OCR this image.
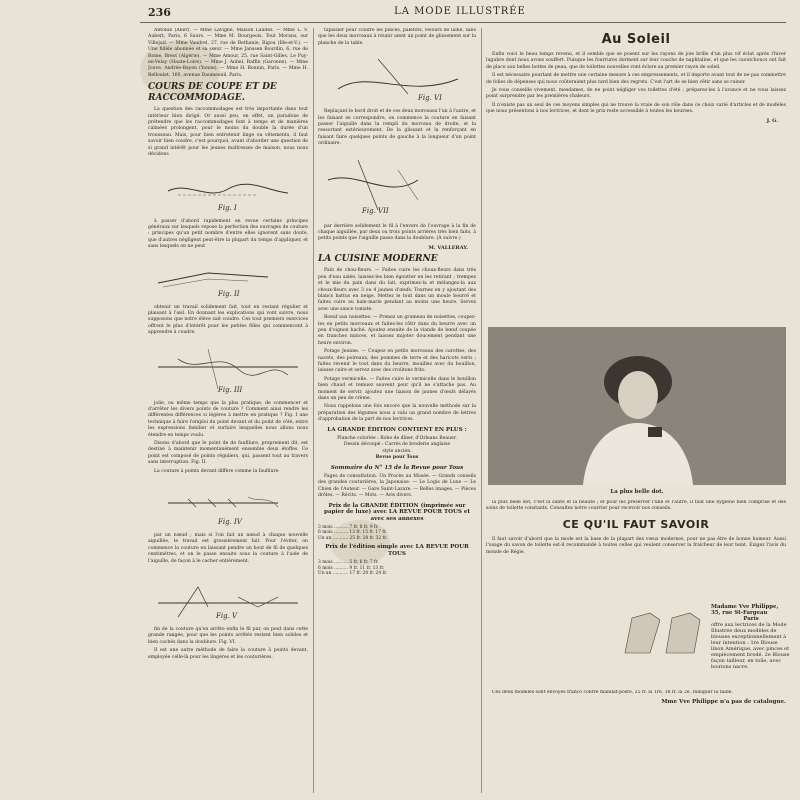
236	LA MODE ILLUSTRÉE

Antonin (Alier). — Mme Lavigne, Maison Laudes. — Mme L. V. Aubert, Paris, 6 Saurs. — Mme M. Bourgeois, Tout Morans, sur Villejuif. — Mme Vaudrel, 27, rue de Bethanie, Rigou (Ille-et-V.). — Une fidèle abonnée et sa sœur. — Mme Janssen Bourdin, 6, rue de Rome, Brest (Algérie). — Mme Amour, 25, rue Saint-Gilles. Le Puy-en-Velay (Haute-Loire). — Mme J. Anhel, Raffin (Garonne). — Mme Jouve, Andrée-Bayen (Yonne). — Mme H. Bonnin, Paris. — Mme H. Belloulet, 160, avenue Daumesnil, Paris.

COURS DE COUPE ET DE RACCOMMODAGE.

La question des raccommodages est très importante dans tout intérieur bien dirigé. Or aussi peu, en effet, un paradoxe de prétendre que les raccommodages font à temps et de manières calmées prolongent, pour le moins du double la durée d'un trousseau. Mais, pour bien entretenir linge ou vêtements, il faut savoir bien coudre, c'est pourquoi, avant d'aborder une question de si grand intérêt pour les jeunes maîtresses de maison, nous nous décidons

Fig. I

à passer d'abord rapidement en revue certains principes généraux sur lesquels repose la perfection des ouvrages de couture : principes qu'un petit nombre d'entre elles ignorent sans doute, que d'autres négligent peut-être la plupart du temps d'appliquer, et sans lesquels on ne peut

Fig. II

obtenir un travail solidement fait, tout en restant régulier et plaisant à l'œil. En donnant les explications qui vont suivre, nous supposons que notre élève sait coudre. Ces tout premiers exercices offrent le plus d'intérêt pour les petites filles qui commencent à apprendre à coudre.

Fig. III

jolie, ou même temps que la plus pratique, de commencer et d'arrêter les divers points de couture ? Comment ainsi rendre les différentes différences si légères à mettre en pratique ? Fig. I une technique à faire l'emploi du point devant et du point de côté, entre les expressions familier et surfaire lesquelles nous allons nous étendre en temps voulu.

Disons d'abord que le point de de faufilure, proprement dit, est destiné à maintenir momentanément ensemble deux étoffes. Ce point est composé de points réguliers, qui, passent tout au travers sans interruption. Fig. II.

La couture à points devant diffère comme la faufilure

Fig. IV

par un nœud ; mais si l'on fait un nœud à chaque nouvelle aiguillée, le travail est grossièrement fait. Pour l'éviter, on commence la couture en laissant pendre un bout de fil de quelques centimètres, et on le passe ensuite sous la couture à l'aide de l'aiguille, de façon à le cacher entièrement.

Fig. V

fin de la couture qu'en arrête enfin le fil par, on peut dans cette grande rangée, pour que les points arrêtés restent bien solides et bien cachés dans la doublure. Fig. VI.

Il est une autre méthode de faire la couture à points devant, employée celle-là pour les lingères et les couturières.

tapissier pour coudre les pinces, paletots, velours de laine, sans que les deux morceaux à réunir aient un point de glissement sur la planche de la table.

Fig. VI

Replaçant le bord droit et de ces deux morceaux l'un à l'autre, et les faisant se correspondre, on commence la couture en faisant passer l'aiguille dans la rempli du morceau de droite, et la ressortant extérieurement. De la glissant et la renforçant en faisant faire quelques points de gauche à la longueur d'un point ordinaire.

Fig. VII

par derrière solidement le fil à l'envers de l'ouvrage à la fin de chaque aiguillée, par deux ou trois points arrières très bien faits, à petits points que l'aiguille passe dans la doublure. (À suivre.)

M. VALLERAY.
LA CUISINE MODERNE

Pain de chou-fleurs. — Faites cuire les choux-fleurs dans très peu d'eau salée, laissez-les bien égoutter en les retirant ; trempez et le mie du pain dans du lait, exprimez-la et mélangez-la aux choux-fleurs avec 3 ou 4 jaunes d'œufs. Tournez en y ajoutant des blancs battus en neige. Mettez le tout dans un moule beurré et faites cuire au bain-marie pendant au moins une heure. Servez avec une sauce tomate.

Boeuf aux noisettes. — Prenez un grumeau de noisettes, coupez-les en petits morceaux et faites-les rôtir dans du beurre avec un peu d'oignon haché. Ajoutez ensuite de la viande de bœuf coupée en tranches minces, et laissez mijoter doucement pendant une heure environ.

Potage Jeanne. — Coupez en petits morceaux des carottes, des navets, des poireaux, des pommes de terre et des haricots verts ; faites revenir le tout dans du beurre, mouillez avec du bouillon, laissez cuire et servez avec des croûtons frits.

Potage vermicelle. — Faites cuire le vermicelle dans le bouillon bien chaud et remuez souvent pour qu'il ne s'attache pas. Au moment de servir, ajoutez une liaison de jaunes d'œufs délayés dans un peu de crème.

Nous rappelons une fois encore que la nouvelle méthode sur la préparation des légumes nous a valu un grand nombre de lettres d'approbation de la part de nos lectrices.

LA GRANDE ÉDITION CONTIENT EN PLUS :
Planche coloriée : Robe de dîner, d'Orleans Beauer.
Dessin découpé : Carrés de broderie anglaise
style ancien.
Revue pour Tous
Sommaire du N° 15 de la Revue pour Tous

Pages de consultation. Un Procès au Musée. — Grands conseils des grandes couturières, la Japonaise. — Le Logis de Luxe — Le Chien de l'Auteur. — Gare Saint-Lazare. — Belles images. — Pièces drôles. — Récits. — Mots. — Avis divers.

Prix de la GRANDE ÉDITION (imprimée sur papier de luxe) avec LA REVUE POUR TOUS et avec ses annexes
3 mois .......... 7 fr. 8 fr. 9 fr.
6 mois .......... 13 fr. 15 fr. 17 fr.
Un an ........... 25 fr. 28 fr. 32 fr.
Prix de l'édition simple avec LA REVUE POUR TOUS
3 mois .......... 5 fr. 6 fr. 7 fr.
6 mois .......... 9 fr. 11 fr. 13 fr.
Un an ........... 17 fr. 20 fr. 24 fr.
Au Soleil

Enfin voici le beau temps revenu, et il semble que se posent sur les rayons de joie brille d'un plus vif éclat après l'hiver lugubre dont nous avons souffert. Puisque les fourrures dorment sur leur couche de naphtaline, et que les caoutchoucs ont fait de place aux belles bottes de peau, que de toilettes nouvelles vont éclore au premier rayon de soleil.

Il est nécessaire pourtant de mettre une certaine mesure à ces empressements, et il importe avant tout de ne pas commettre de folies de dépenses qui nous coûteraient plus tard bien des regrets. C'est l'art de se bien vêtir sans se ruiner.

Je vous conseille vivement, mesdames, de ne point négliger vos toilettes d'été ; préparez-les à l'avance et ne vous laissez point surprendre par les premières chaleurs.

Il n'existe pas un seul de ces moyens simples qui ne trouve la vraie de son rôle dans ce choix varié d'articles et de modèles que nous présentons à nos lectrices, et dont le prix reste accessible à toutes les bourses.

J. G.
La plus belle dot.

la plus belle dot, c'est la santé et la beauté ; et pour les préserver l'une et l'autre, il faut une hygiène bien comprise et des soins de toilette constants. Consultez notre courrier pour recevoir nos conseils.

CE QU'IL FAUT SAVOIR

Il faut savoir d'abord que la mode est la base de la plupart des vœux modernes, pour ne pas être de bonne humeur. Aussi l'usage du savon de toilette est-il recommandé à toutes celles qui veulent conserver la fraîcheur de leur teint. Exigez l'avis du monde de Régie.

Madame Vve Philippe,
35, rue St-Fargeau
Paris
offre aux lectrices de la Mode Illustrée deux modèles de blouses exceptionnellement à leur intention : 1re Blouse linon Amérique, avec pinces et empiècement brodé. 2e Blouse façon tailleur, en toile, avec boutons nacre.

Ces deux modèles sont envoyés franco contre mandat-poste, 25 fr. la 1re, 18 fr. la 2e. Indiquer la taille.

Mme Vve Philippe n'a pas de catalogue.
